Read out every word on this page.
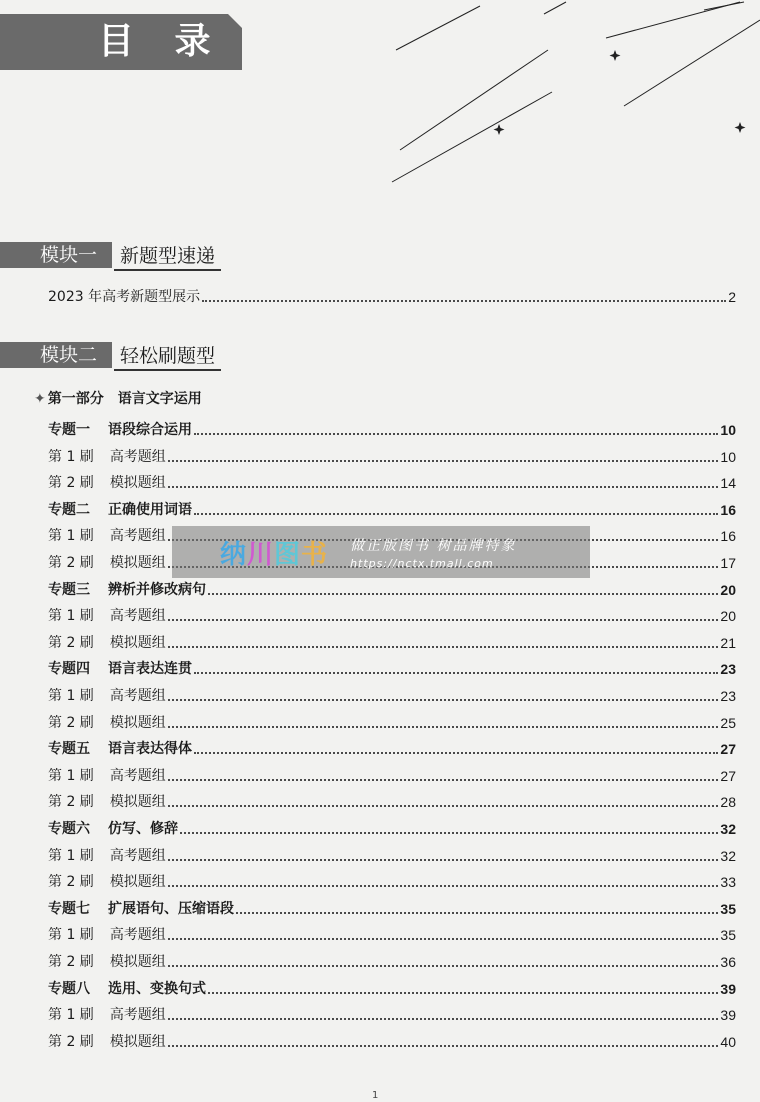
目 录
模块一	新题型速递
2023 年高考新题型展示	2
模块二	轻松刷题型
✦ 第一部分　语言文字运用
专题一 语段综合运用	10
第 1 刷 高考题组	10
第 2 刷 模拟题组	14
专题二 正确使用词语	16
第 1 刷 高考题组	16
第 2 刷 模拟题组	17
专题三 辨析并修改病句	20
第 1 刷 高考题组	20
第 2 刷 模拟题组	21
专题四 语言表达连贯	23
第 1 刷 高考题组	23
第 2 刷 模拟题组	25
专题五 语言表达得体	27
第 1 刷 高考题组	27
第 2 刷 模拟题组	28
专题六 仿写、修辞	32
第 1 刷 高考题组	32
第 2 刷 模拟题组	33
专题七 扩展语句、压缩语段	35
第 1 刷 高考题组	35
第 2 刷 模拟题组	36
专题八 选用、变换句式	39
第 1 刷 高考题组	39
第 2 刷 模拟题组	40
纳川图书 做正版图书 树品牌特象
https://nctx.tmall.com
1
